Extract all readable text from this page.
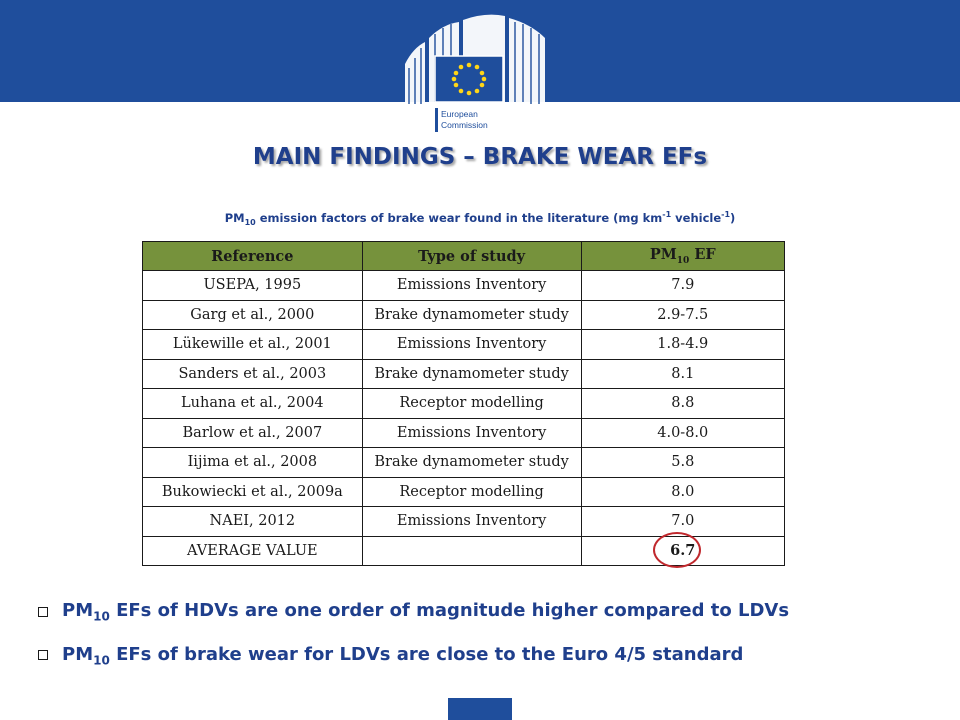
European
Commission
MAIN FINDINGS – BRAKE WEAR EFs
$PM_{10}$ emission factors of brake wear found in the literature (mg $km^{-1}$ vehicle$^{-1}$)
Reference	Type of study	$PM_{10}$ EF
USEPA, 1995	Emissions Inventory	7.9
Garg et al., 2000	Brake dynamometer study	2.9-7.5
Lükewille et al., 2001	Emissions Inventory	1.8-4.9
Sanders et al., 2003	Brake dynamometer study	8.1
Luhana et al., 2004	Receptor modelling	8.8
Barlow et al., 2007	Emissions Inventory	4.0-8.0
Iijima et al., 2008	Brake dynamometer study	5.8
Bukowiecki et al., 2009a	Receptor modelling	8.0
NAEI, 2012	Emissions Inventory	7.0
AVERAGE VALUE		6.7
$PM_{10}$ EFs of HDVs are one order of magnitude higher compared to LDVs
$PM_{10}$ EFs of brake wear for LDVs are close to the Euro 4/5 standard
